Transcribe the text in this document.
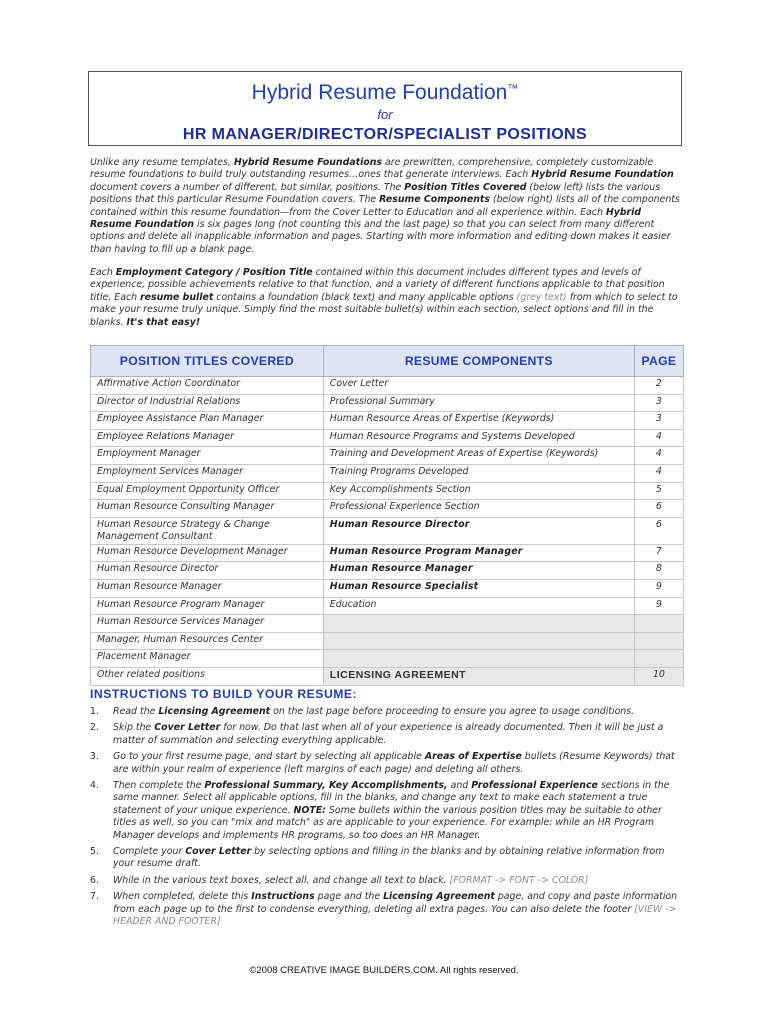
Hybrid Resume Foundation™
for
HR MANAGER/DIRECTOR/SPECIALIST POSITIONS
Unlike any resume templates, Hybrid Resume Foundations are prewritten, comprehensive, completely customizable resume foundations to build truly outstanding resumes…ones that generate interviews. Each Hybrid Resume Foundation document covers a number of different, but similar, positions. The Position Titles Covered (below left) lists the various positions that this particular Resume Foundation covers. The Resume Components (below right) lists all of the components contained within this resume foundation—from the Cover Letter to Education and all experience within. Each Hybrid Resume Foundation is six pages long (not counting this and the last page) so that you can select from many different options and delete all inapplicable information and pages. Starting with more information and editing down makes it easier than having to fill up a blank page.
Each Employment Category / Position Title contained within this document includes different types and levels of experience, possible achievements relative to that function, and a variety of different functions applicable to that position title. Each resume bullet contains a foundation (black text) and many applicable options (grey text) from which to select to make your resume truly unique. Simply find the most suitable bullet(s) within each section, select options and fill in the blanks. It's that easy!
POSITION TITLES COVERED	RESUME COMPONENTS	PAGE
Affirmative Action Coordinator	Cover Letter	2
Director of Industrial Relations	Professional Summary	3
Employee Assistance Plan Manager	Human Resource Areas of Expertise (Keywords)	3
Employee Relations Manager	Human Resource Programs and Systems Developed	4
Employment Manager	Training and Development Areas of Expertise (Keywords)	4
Employment Services Manager	Training Programs Developed	4
Equal Employment Opportunity Officer	Key Accomplishments Section	5
Human Resource Consulting Manager	Professional Experience Section	6
Human Resource Strategy & Change Management Consultant	Human Resource Director	6
Human Resource Development Manager	Human Resource Program Manager	7
Human Resource Director	Human Resource Manager	8
Human Resource Manager	Human Resource Specialist	9
Human Resource Program Manager	Education	9
Human Resource Services Manager		
Manager, Human Resources Center		
Placement Manager		
Other related positions	LICENSING AGREEMENT	10
INSTRUCTIONS TO BUILD YOUR RESUME:
1. Read the Licensing Agreement on the last page before proceeding to ensure you agree to usage conditions.
2. Skip the Cover Letter for now. Do that last when all of your experience is already documented. Then it will be just a matter of summation and selecting everything applicable.
3. Go to your first resume page, and start by selecting all applicable Areas of Expertise bullets (Resume Keywords) that are within your realm of experience (left margins of each page) and deleting all others.
4. Then complete the Professional Summary, Key Accomplishments, and Professional Experience sections in the same manner. Select all applicable options, fill in the blanks, and change any text to make each statement a true statement of your unique experience. NOTE: Some bullets within the various position titles may be suitable to other titles as well, so you can "mix and match" as are applicable to your experience. For example: while an HR Program Manager develops and implements HR programs, so too does an HR Manager.
5. Complete your Cover Letter by selecting options and filling in the blanks and by obtaining relative information from your resume draft.
6. While in the various text boxes, select all, and change all text to black. [FORMAT -> FONT -> COLOR]
7. When completed, delete this Instructions page and the Licensing Agreement page, and copy and paste information from each page up to the first to condense everything, deleting all extra pages. You can also delete the footer [VIEW -> HEADER AND FOOTER]
©2008 CREATIVE IMAGE BUILDERS.COM. All rights reserved.
